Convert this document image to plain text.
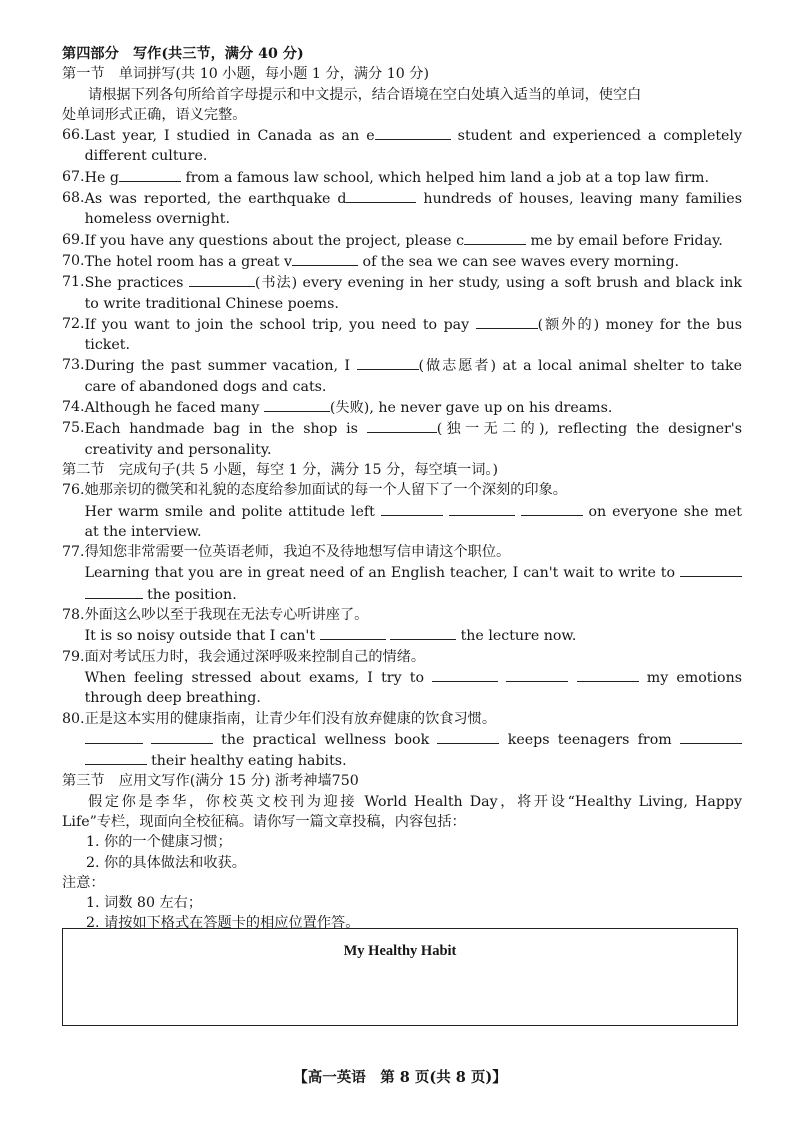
第四部分　写作(共三节，满分 40 分)
第一节　单词拼写(共 10 小题，每小题 1 分，满分 10 分)
请根据下列各句所给首字母提示和中文提示，结合语境在空白处填入适当的单词，使空白
处单词形式正确，语义完整。
66. Last year, I studied in Canada as an e	student and experienced a completely
different culture.
67. He g	from a famous law school, which helped him land a job at a top law firm.
68. As was reported, the earthquake d	hundreds of houses, leaving many families
homeless overnight.
69. If you have any questions about the project, please c	me by email before Friday.
70. The hotel room has a great v	of the sea we can see waves every morning.
71. She practices	(书法) every evening in her study, using a soft brush and black ink
to write traditional Chinese poems.
72. If you want to join the school trip, you need to pay	(额外的) money for the bus
ticket.
73. During the past summer vacation, I	(做志愿者) at a local animal shelter to take
care of abandoned dogs and cats.
74. Although he faced many	(失败), he never gave up on his dreams.
75. Each handmade bag in the shop is	(独一无二的), reflecting the designer's
creativity and personality.
第二节　完成句子(共 5 小题，每空 1 分，满分 15 分，每空填一词。)
76. 她那亲切的微笑和礼貌的态度给参加面试的每一个人留下了一个深刻的印象。
Her warm smile and polite attitude left	on everyone she met
at the interview.
77. 得知您非常需要一位英语老师，我迫不及待地想写信申请这个职位。
Learning that you are in great need of an English teacher, I can't wait to write to
the position.
78. 外面这么吵以至于我现在无法专心听讲座了。
It is so noisy outside that I can't	the lecture now.
79. 面对考试压力时，我会通过深呼吸来控制自己的情绪。
When feeling stressed about exams, I try to	my emotions
through deep breathing.
80. 正是这本实用的健康指南，让青少年们没有放弃健康的饮食习惯。
the practical wellness book	keeps teenagers from
their healthy eating habits.
第三节　应用文写作(满分 15 分) 浙考神墙750
假定你是李华，你校英文校刊为迎接 World Health Day，将开设“Healthy Living, Happy
Life”专栏，现面向全校征稿。请你写一篇文章投稿，内容包括：
1. 你的一个健康习惯；
2. 你的具体做法和收获。
注意：
1. 词数 80 左右；
2. 请按如下格式在答题卡的相应位置作答。
My Healthy Habit
【高一英语　第 8 页(共 8 页)】
